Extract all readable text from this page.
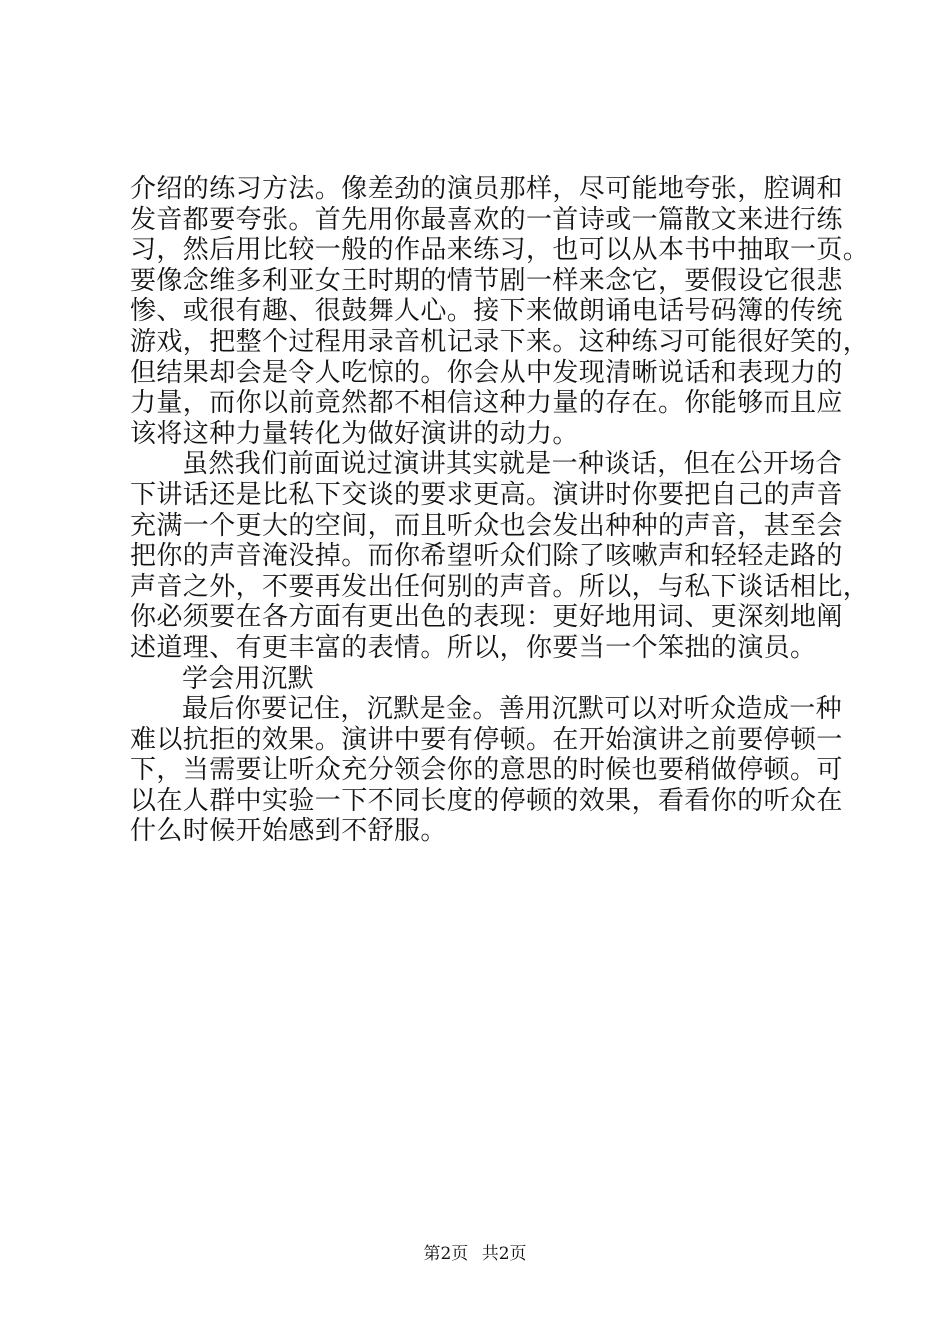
介绍的练习方法。像差劲的演员那样，尽可能地夸张，腔调和
发音都要夸张。首先用你最喜欢的一首诗或一篇散文来进行练
习，然后用比较一般的作品来练习，也可以从本书中抽取一页。
要像念维多利亚女王时期的情节剧一样来念它，要假设它很悲
惨、或很有趣、很鼓舞人心。接下来做朗诵电话号码簿的传统
游戏，把整个过程用录音机记录下来。这种练习可能很好笑的，
但结果却会是令人吃惊的。你会从中发现清晰说话和表现力的
力量，而你以前竟然都不相信这种力量的存在。你能够而且应
该将这种力量转化为做好演讲的动力。
虽然我们前面说过演讲其实就是一种谈话，但在公开场合
下讲话还是比私下交谈的要求更高。演讲时你要把自己的声音
充满一个更大的空间，而且听众也会发出种种的声音，甚至会
把你的声音淹没掉。而你希望听众们除了咳嗽声和轻轻走路的
声音之外，不要再发出任何别的声音。所以，与私下谈话相比，
你必须要在各方面有更出色的表现：更好地用词、更深刻地阐
述道理、有更丰富的表情。所以，你要当一个笨拙的演员。
学会用沉默
最后你要记住，沉默是金。善用沉默可以对听众造成一种
难以抗拒的效果。演讲中要有停顿。在开始演讲之前要停顿一
下，当需要让听众充分领会你的意思的时候也要稍做停顿。可
以在人群中实验一下不同长度的停顿的效果，看看你的听众在
什么时候开始感到不舒服。
第2页 共2页
